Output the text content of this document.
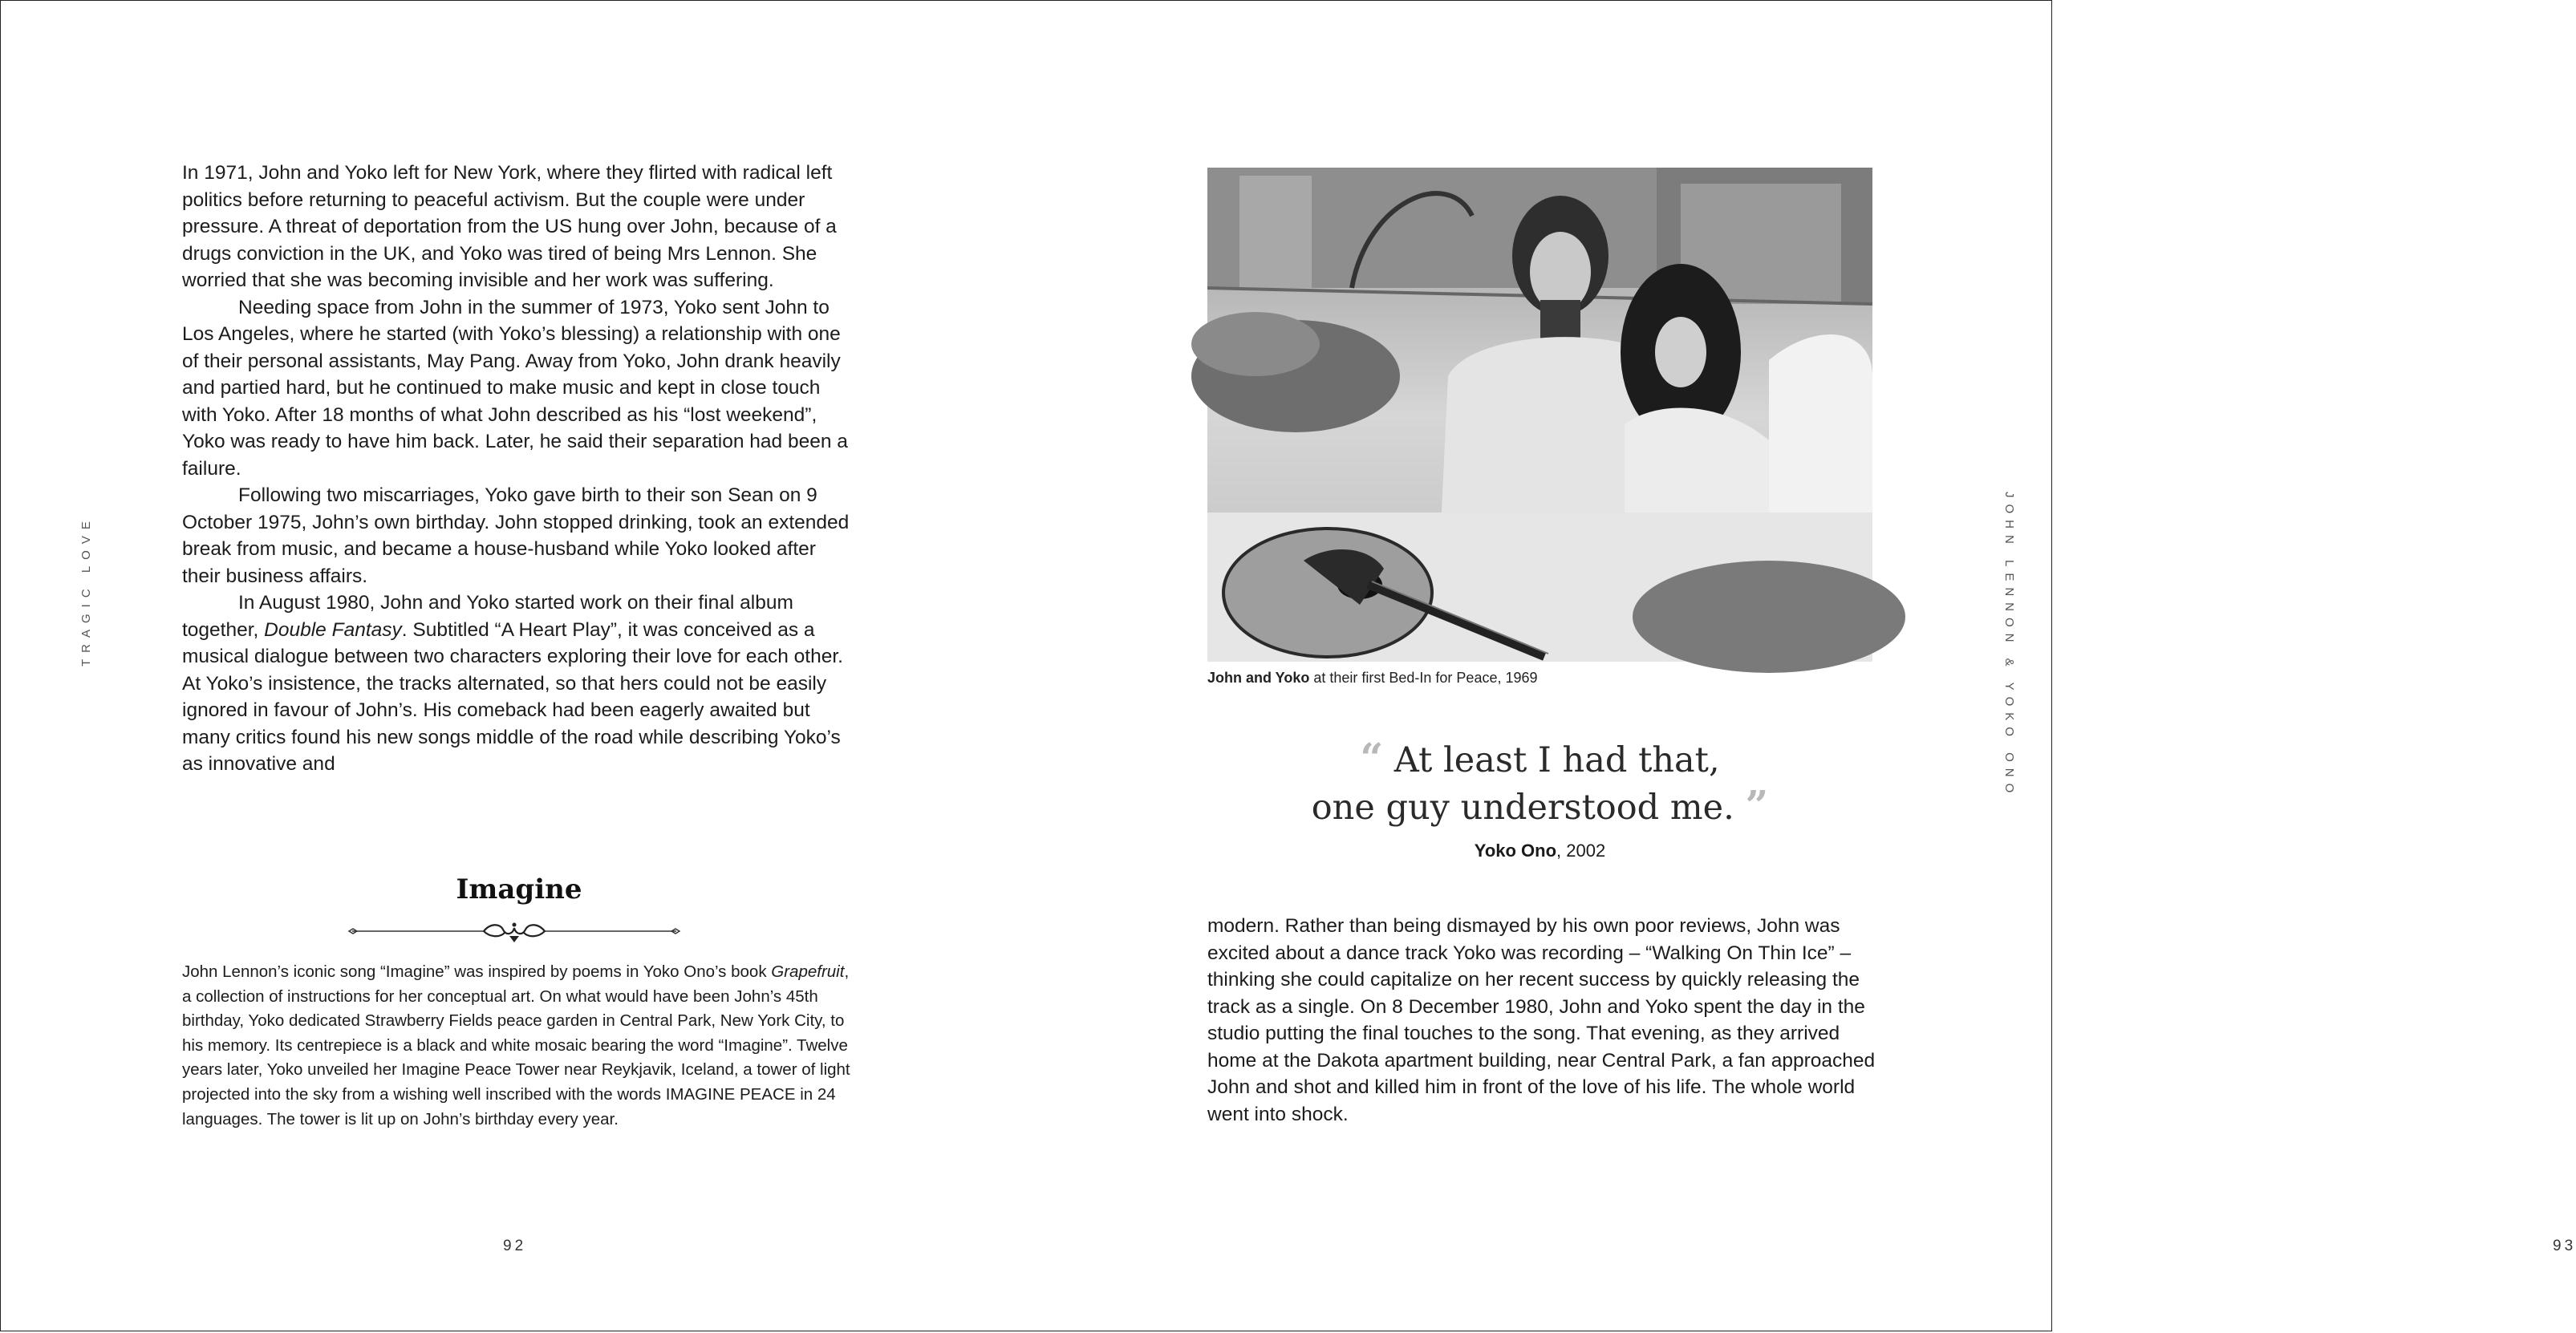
TRAGIC LOVE

In 1971, John and Yoko left for New York, where they flirted with radical left politics before returning to peaceful activism. But the couple were under pressure. A threat of deportation from the US hung over John, because of a drugs conviction in the UK, and Yoko was tired of being Mrs Lennon. She worried that she was becoming invisible and her work was suffering.

Needing space from John in the summer of 1973, Yoko sent John to Los Angeles, where he started (with Yoko’s blessing) a relationship with one of their personal assistants, May Pang. Away from Yoko, John drank heavily and partied hard, but he continued to make music and kept in close touch with Yoko. After 18 months of what John described as his “lost weekend”, Yoko was ready to have him back. Later, he said their separation had been a failure.

Following two miscarriages, Yoko gave birth to their son Sean on 9 October 1975, John’s own birthday. John stopped drinking, took an extended break from music, and became a house-husband while Yoko looked after their business affairs.

In August 1980, John and Yoko started work on their final album together, Double Fantasy. Subtitled “A Heart Play”, it was conceived as a musical dialogue between two characters exploring their love for each other. At Yoko’s insistence, the tracks alternated, so that hers could not be easily ignored in favour of John’s. His comeback had been eagerly awaited but many critics found his new songs middle of the road while describing Yoko’s as innovative and

Imagine

John Lennon’s iconic song “Imagine” was inspired by poems in Yoko Ono’s book Grapefruit, a collection of instructions for her conceptual art. On what would have been John’s 45th birthday, Yoko dedicated Strawberry Fields peace garden in Central Park, New York City, to his memory. Its centrepiece is a black and white mosaic bearing the word “Imagine”. Twelve years later, Yoko unveiled her Imagine Peace Tower near Reykjavik, Iceland, a tower of light projected into the sky from a wishing well inscribed with the words IMAGINE PEACE in 24 languages. The tower is lit up on John’s birthday every year.

92
John and Yoko at their first Bed-In for Peace, 1969
“ At least I had that,
one guy understood me. ”
Yoko Ono, 2002

modern. Rather than being dismayed by his own poor reviews, John was excited about a dance track Yoko was recording – “Walking On Thin Ice” – thinking she could capitalize on her recent success by quickly releasing the track as a single. On 8 December 1980, John and Yoko spent the day in the studio putting the final touches to the song. That evening, as they arrived home at the Dakota apartment building, near Central Park, a fan approached John and shot and killed him in front of the love of his life. The whole world went into shock.

JOHN LENNON & YOKO ONO
93
